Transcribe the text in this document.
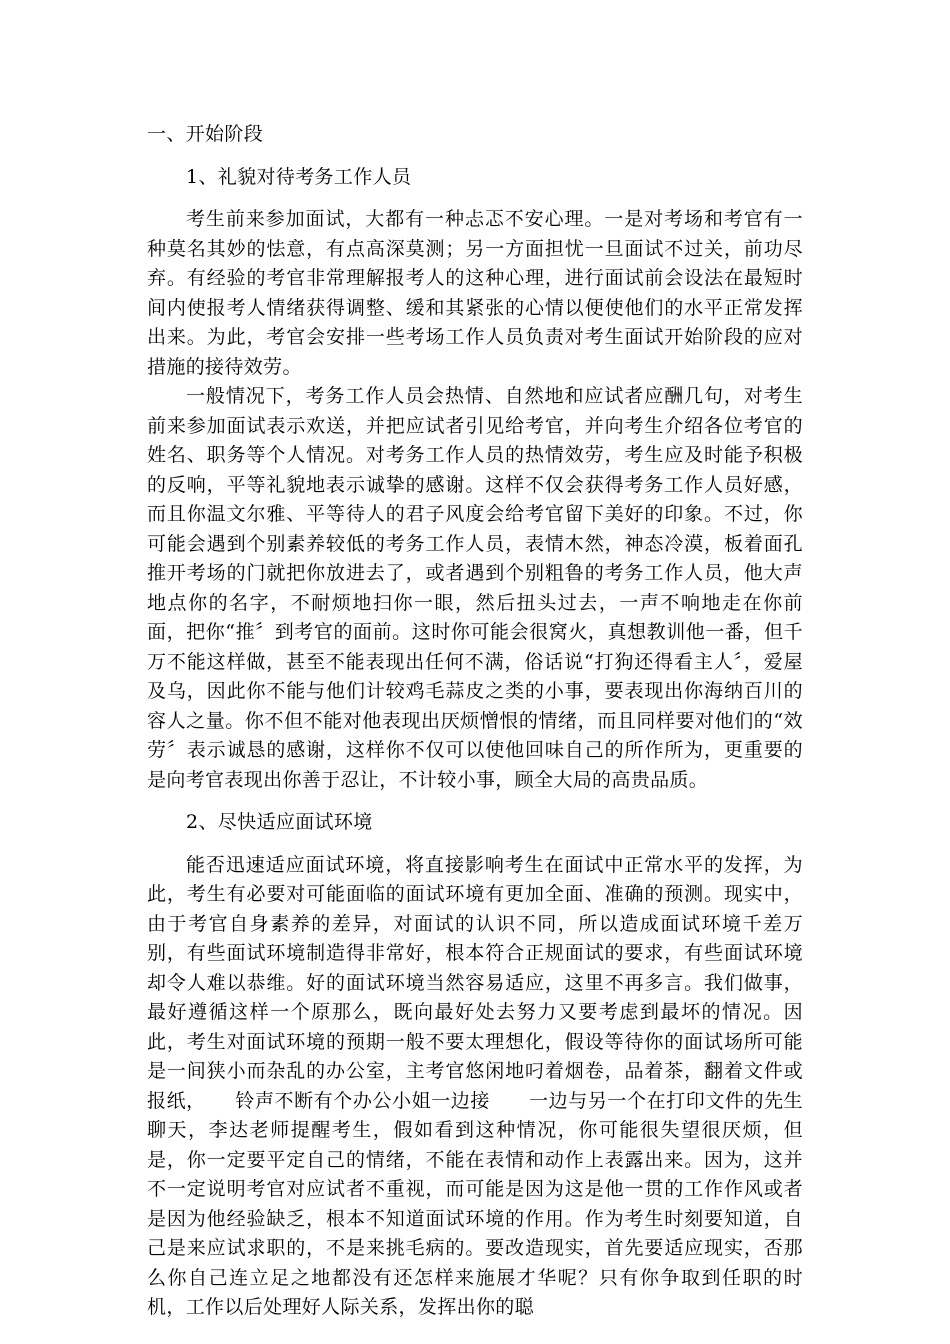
一、开始阶段
1、礼貌对待考务工作人员

考生前来参加面试，大都有一种忐忑不安心理。一是对考场和考官有一种莫名其妙的怯意，有点高深莫测；另一方面担忧一旦面试不过关，前功尽弃。有经验的考官非常理解报考人的这种心理，进行面试前会设法在最短时间内使报考人情绪获得调整、缓和其紧张的心情以便使他们的水平正常发挥出来。为此，考官会安排一些考场工作人员负责对考生面试开始阶段的应对措施的接待效劳。

一般情况下，考务工作人员会热情、自然地和应试者应酬几句，对考生前来参加面试表示欢送，并把应试者引见给考官，并向考生介绍各位考官的姓名、职务等个人情况。对考务工作人员的热情效劳，考生应及时能予积极的反响，平等礼貌地表示诚挚的感谢。这样不仅会获得考务工作人员好感，而且你温文尔雅、平等待人的君子风度会给考官留下美好的印象。不过，你可能会遇到个别素养较低的考务工作人员，表情木然，神态冷漠，板着面孔推开考场的门就把你放进去了，或者遇到个别粗鲁的考务工作人员，他大声地点你的名字，不耐烦地扫你一眼，然后扭头过去，一声不响地走在你前面，把你“推〞到考官的面前。这时你可能会很窝火，真想教训他一番，但千万不能这样做，甚至不能表现出任何不满，俗话说“打狗还得看主人〞，爱屋及乌，因此你不能与他们计较鸡毛蒜皮之类的小事，要表现出你海纳百川的容人之量。你不但不能对他表现出厌烦憎恨的情绪，而且同样要对他们的“效劳〞表示诚恳的感谢，这样你不仅可以使他回味自己的所作所为，更重要的是向考官表现出你善于忍让，不计较小事，顾全大局的高贵品质。

2、尽快适应面试环境

能否迅速适应面试环境，将直接影响考生在面试中正常水平的发挥，为此，考生有必要对可能面临的面试环境有更加全面、准确的预测。现实中，由于考官自身素养的差异，对面试的认识不同，所以造成面试环境千差万别，有些面试环境制造得非常好，根本符合正规面试的要求，有些面试环境却令人难以恭维。好的面试环境当然容易适应，这里不再多言。我们做事，最好遵循这样一个原那么，既向最好处去努力又要考虑到最坏的情况。因此，考生对面试环境的预期一般不要太理想化，假设等待你的面试场所可能是一间狭小而杂乱的办公室，主考官悠闲地叼着烟卷，品着茶，翻着文件或报纸，　　铃声不断有个办公小姐一边接　　一边与另一个在打印文件的先生聊天，李达老师提醒考生，假如看到这种情况，你可能很失望很厌烦，但是，你一定要平定自己的情绪，不能在表情和动作上表露出来。因为，这并不一定说明考官对应试者不重视，而可能是因为这是他一贯的工作作风或者是因为他经验缺乏，根本不知道面试环境的作用。作为考生时刻要知道，自己是来应试求职的，不是来挑毛病的。要改造现实，首先要适应现实，否那么你自己连立足之地都没有还怎样来施展才华呢？只有你争取到任职的时机，工作以后处理好人际关系，发挥出你的聪
